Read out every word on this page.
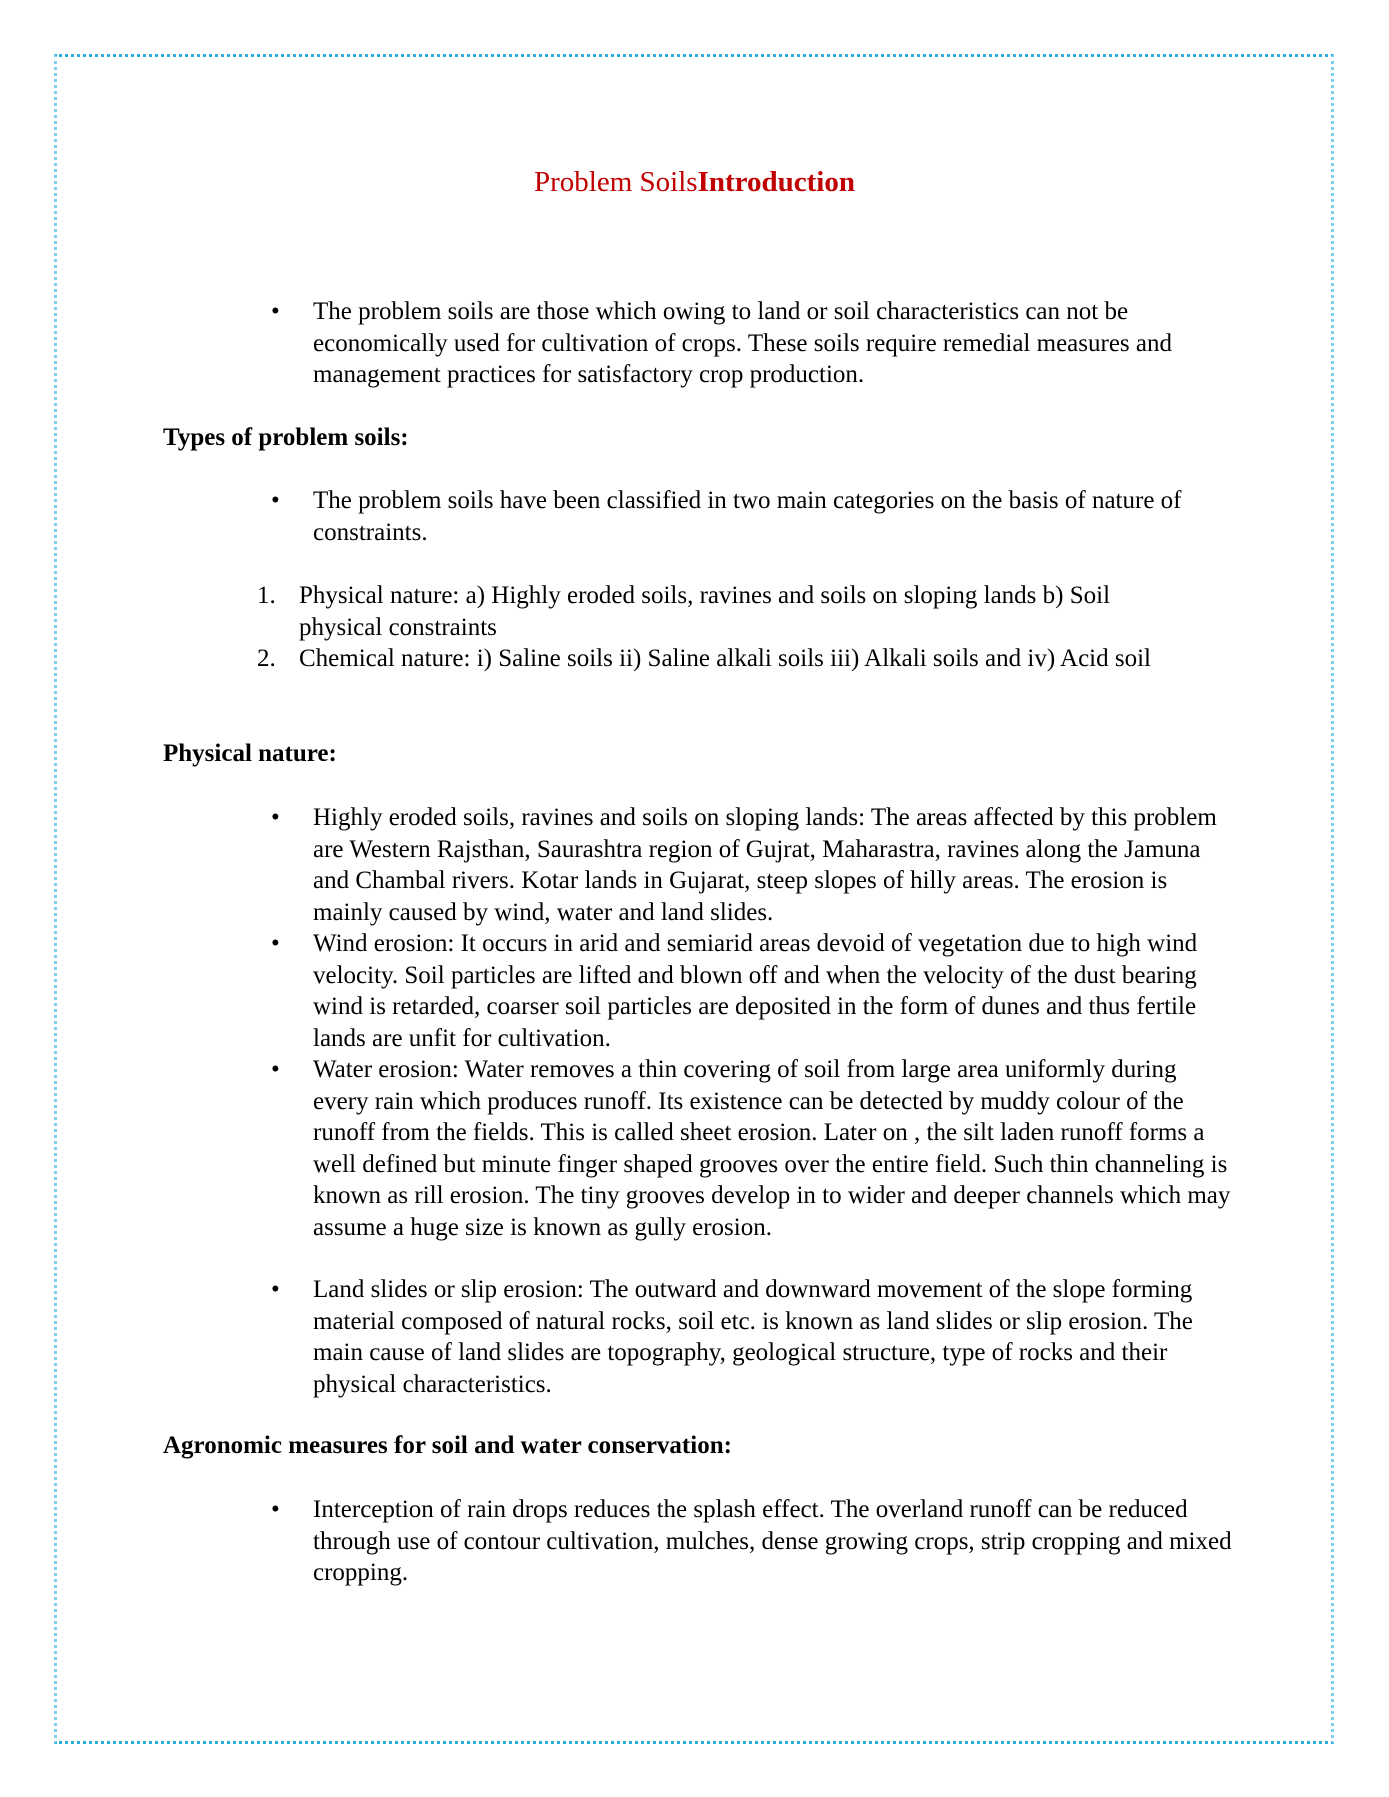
Problem SoilsIntroduction
• The problem soils are those which owing to land or soil characteristics can not be economically used for cultivation of crops. These soils require remedial measures and management practices for satisfactory crop production.
Types of problem soils:
• The problem soils have been classified in two main categories on the basis of nature of constraints.
1. Physical nature: a) Highly eroded soils, ravines and soils on sloping lands b) Soil physical constraints
2. Chemical nature: i) Saline soils ii) Saline alkali soils iii) Alkali soils and iv) Acid soil
Physical nature:
• Highly eroded soils, ravines and soils on sloping lands: The areas affected by this problem are Western Rajsthan, Saurashtra region of Gujrat, Maharastra, ravines along the Jamuna and Chambal rivers. Kotar lands in Gujarat, steep slopes of hilly areas. The erosion is mainly caused by wind, water and land slides.
• Wind erosion: It occurs in arid and semiarid areas devoid of vegetation due to high wind velocity. Soil particles are lifted and blown off and when the velocity of the dust bearing wind is retarded, coarser soil particles are deposited in the form of dunes and thus fertile lands are unfit for cultivation.
• Water erosion: Water removes a thin covering of soil from large area uniformly during every rain which produces runoff. Its existence can be detected by muddy colour of the runoff from the fields. This is called sheet erosion. Later on , the silt laden runoff forms a well defined but minute finger shaped grooves over the entire field. Such thin channeling is known as rill erosion. The tiny grooves develop in to wider and deeper channels which may assume a huge size is known as gully erosion.
• Land slides or slip erosion: The outward and downward movement of the slope forming material composed of natural rocks, soil etc. is known as land slides or slip erosion. The main cause of land slides are topography, geological structure, type of rocks and their physical characteristics.
Agronomic measures for soil and water conservation:
• Interception of rain drops reduces the splash effect. The overland runoff can be reduced through use of contour cultivation, mulches, dense growing crops, strip cropping and mixed cropping.
